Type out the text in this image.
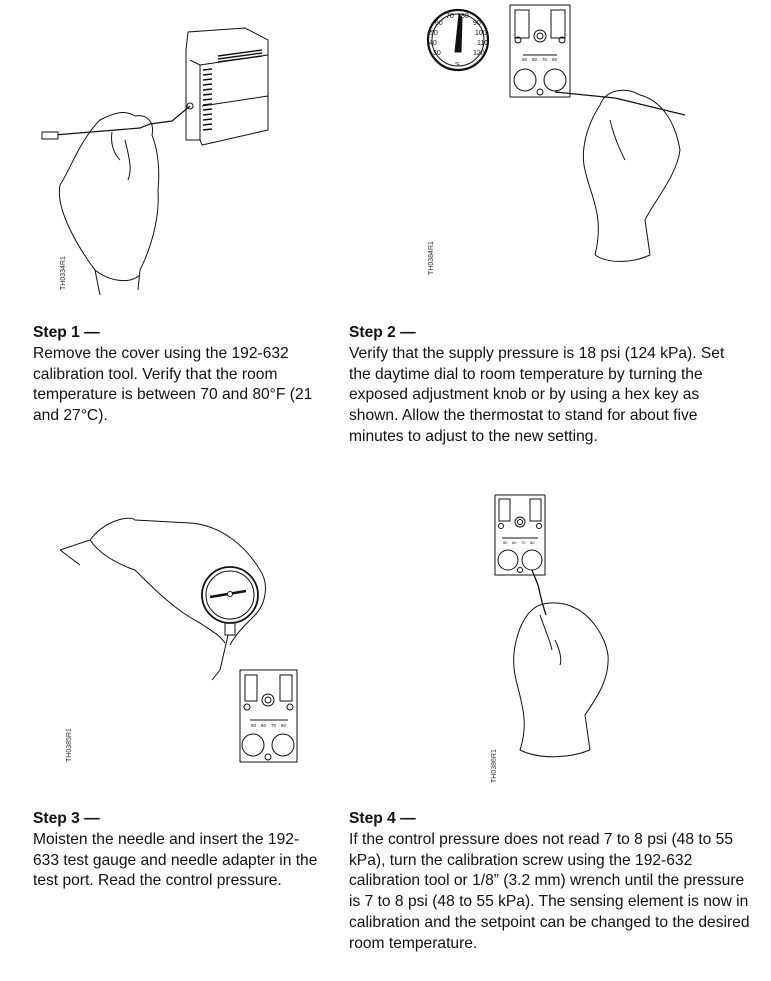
TH0334R1
30
40
50
60
70 80
90
100
110
120
°F
50 60 70 80
TH0384R1
Step 1 —
Remove the cover using the 192-632 calibration tool. Verify that the room temperature is between 70 and 80°F (21 and 27°C).
Step 2 —
Verify that the supply pressure is 18 psi (124 kPa). Set the daytime dial to room temperature by turning the exposed adjustment knob or by using a hex key as shown. Allow the thermostat to stand for about five minutes to adjust to the new setting.
50 60 70 80
TH0385R1
50 60 70 80
TH0386R1
Step 3 —
Moisten the needle and insert the 192-633 test gauge and needle adapter in the test port. Read the control pressure.
Step 4 —
If the control pressure does not read 7 to 8 psi (48 to 55 kPa), turn the calibration screw using the 192-632 calibration tool or 1/8” (3.2 mm) wrench until the pressure is 7 to 8 psi (48 to 55 kPa). The sensing element is now in calibration and the setpoint can be changed to the desired room temperature.
